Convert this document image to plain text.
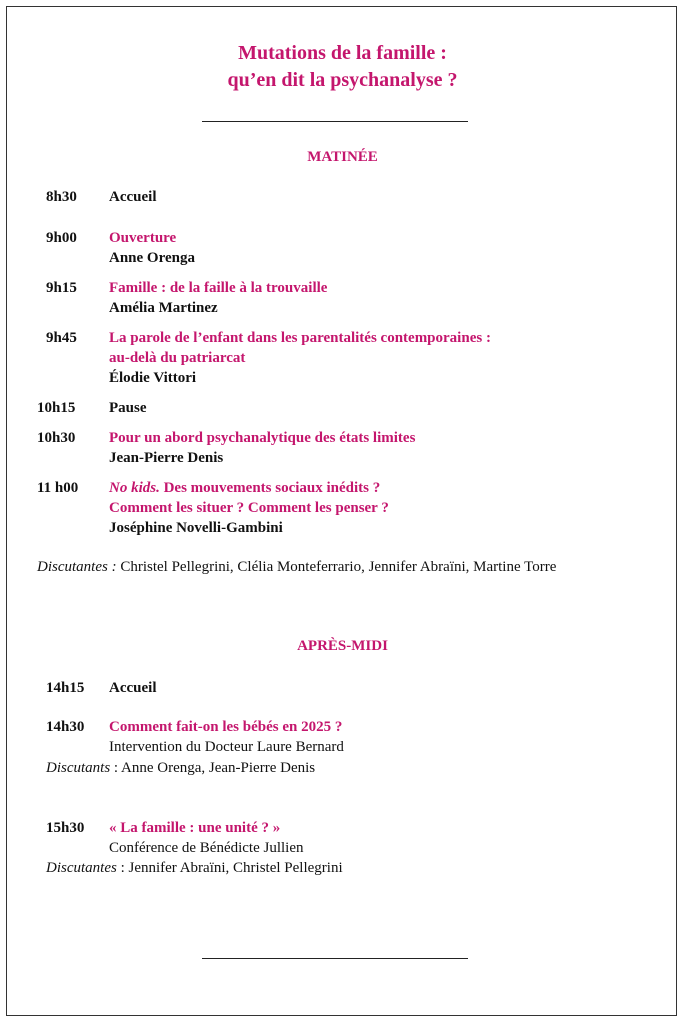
Mutations de la famille :
qu’en dit la psychanalyse ?
MATINÉE
8h30 Accueil
9h00 Ouverture
Anne Orenga
9h15 Famille : de la faille à la trouvaille
Amélia Martinez
9h45 La parole de l’enfant dans les parentalités contemporaines :
au-delà du patriarcat
Élodie Vittori
10h15 Pause
10h30 Pour un abord psychanalytique des états limites
Jean-Pierre Denis
11 h00 No kids. Des mouvements sociaux inédits ?
Comment les situer ? Comment les penser ?
Joséphine Novelli-Gambini
Discutantes : Christel Pellegrini, Clélia Monteferrario, Jennifer Abraïni, Martine Torre
APRÈS-MIDI
14h15 Accueil
14h30 Comment fait-on les bébés en 2025 ?
Intervention du Docteur Laure Bernard
Discutants : Anne Orenga, Jean-Pierre Denis
15h30 « La famille : une unité ? »
Conférence de Bénédicte Jullien
Discutantes : Jennifer Abraïni, Christel Pellegrini
